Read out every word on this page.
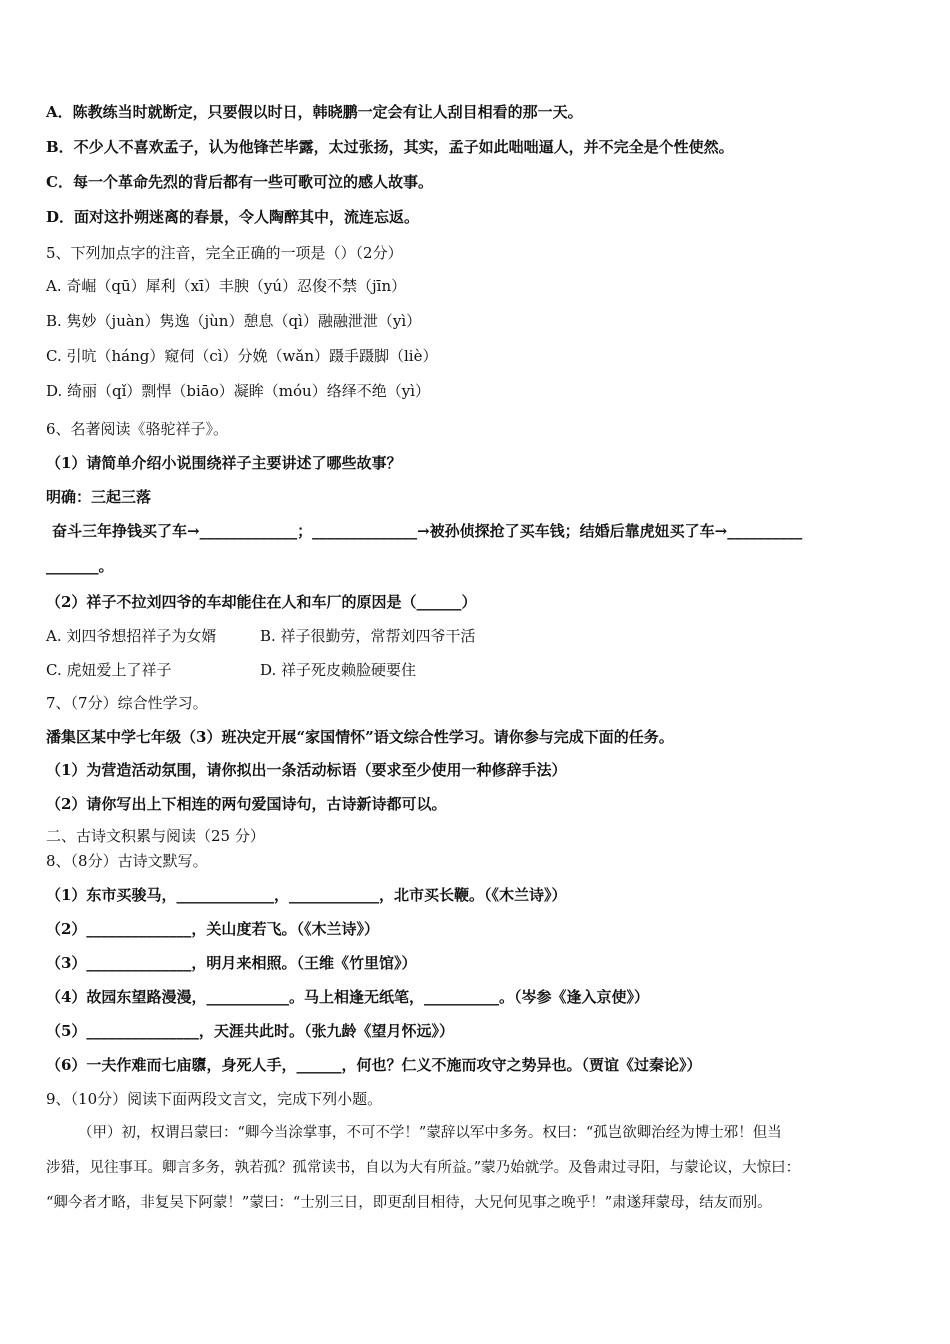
A．陈教练当时就断定，只要假以时日，韩晓鹏一定会有让人刮目相看的那一天。
B．不少人不喜欢孟子，认为他锋芒毕露，太过张扬，其实，孟子如此咄咄逼人，并不完全是个性使然。
C．每一个革命先烈的背后都有一些可歌可泣的感人故事。
D．面对这扑朔迷离的春景，令人陶醉其中，流连忘返。
5、下列加点字的注音，完全正确的一项是（）（2分）
A. 奇崛（qū）犀利（xī）丰腴（yú）忍俊不禁（jīn）
B. 隽妙（juàn）隽逸（jùn）憩息（qì）融融泄泄（yì）
C. 引吭（háng）窥伺（cì）分娩（wǎn）蹑手蹑脚（liè）
D. 绮丽（qǐ）剽悍（biāo）凝眸（móu）络绎不绝（yì）
6、名著阅读《骆驼祥子》。
（1）请简单介绍小说围绕祥子主要讲述了哪些故事？
明确：三起三落
奋斗三年挣钱买了车→_____________；______________→被孙侦探抢了买车钱；结婚后靠虎妞买了车→__________
_______。
（2）祥子不拉刘四爷的车却能住在人和车厂的原因是（______）
A. 刘四爷想招祥子为女婿	B. 祥子很勤劳，常帮刘四爷干活
C. 虎妞爱上了祥子	D. 祥子死皮赖脸硬要住
7、（7分）综合性学习。
潘集区某中学七年级（3）班决定开展“家国情怀”语文综合性学习。请你参与完成下面的任务。
（1）为营造活动氛围，请你拟出一条活动标语（要求至少使用一种修辞手法）
（2）请你写出上下相连的两句爱国诗句，古诗新诗都可以。
二、古诗文积累与阅读（25 分）
8、（8分）古诗文默写。
（1）东市买骏马，_____________，____________，北市买长鞭。（《木兰诗》）
（2）______________，关山度若飞。（《木兰诗》）
（3）______________，明月来相照。（王维《竹里馆》）
（4）故园东望路漫漫，___________。马上相逢无纸笔，__________。（岑参《逢入京使》）
（5）_______________，天涯共此时。（张九龄《望月怀远》）
（6）一夫作难而七庙隳，身死人手，______，何也？仁义不施而攻守之势异也。（贾谊《过秦论》）
9、（10分）阅读下面两段文言文，完成下列小题。
（甲）初，权谓吕蒙曰：“卿今当涂掌事，不可不学！”蒙辞以军中多务。权曰：“孤岂欲卿治经为博士邪！但当
涉猎，见往事耳。卿言多务，孰若孤？孤常读书，自以为大有所益。”蒙乃始就学。及鲁肃过寻阳，与蒙论议，大惊曰：
“卿今者才略，非复吴下阿蒙！”蒙曰：“士别三日，即更刮目相待，大兄何见事之晚乎！”肃遂拜蒙母，结友而别。
